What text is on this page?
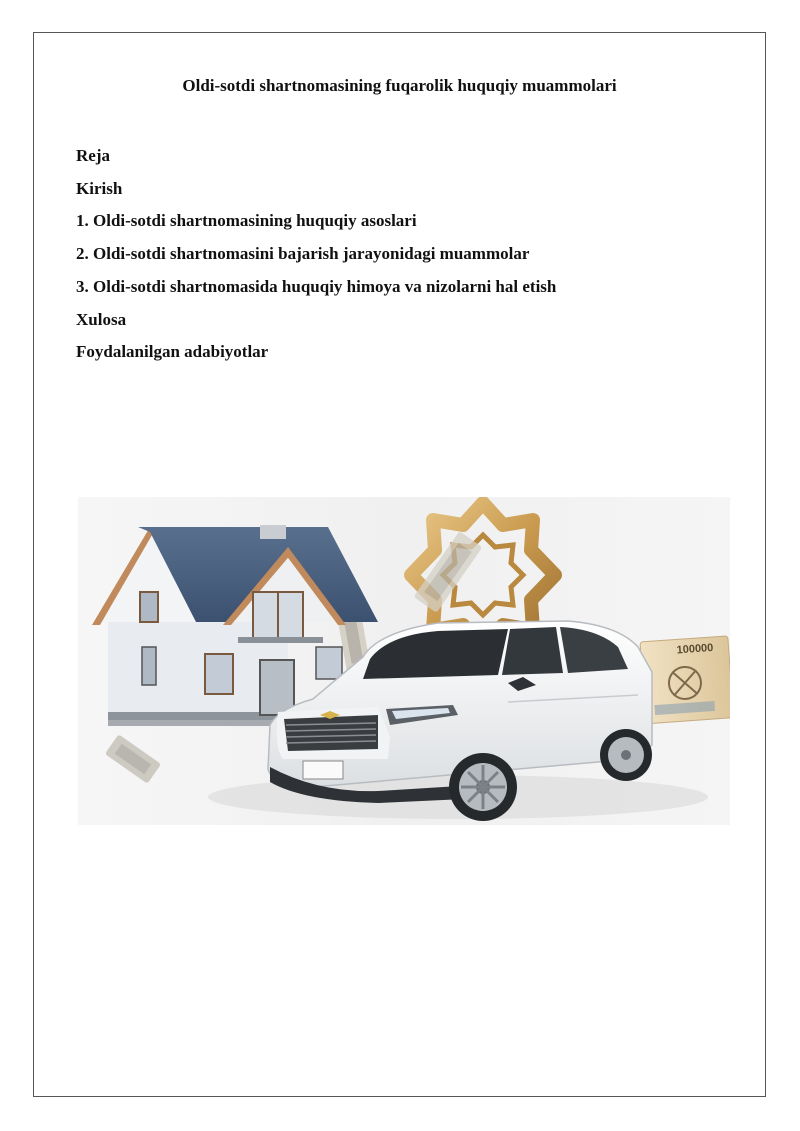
Oldi-sotdi shartnomasining fuqarolik huquqiy muammolari
Reja
Kirish
1. Oldi-sotdi shartnomasining huquqiy asoslari
2. Oldi-sotdi shartnomasini bajarish jarayonidagi muammolar
3. Oldi-sotdi shartnomasida huquqiy himoya va nizolarni hal etish
Xulosa
Foydalanilgan adabiyotlar
100000
